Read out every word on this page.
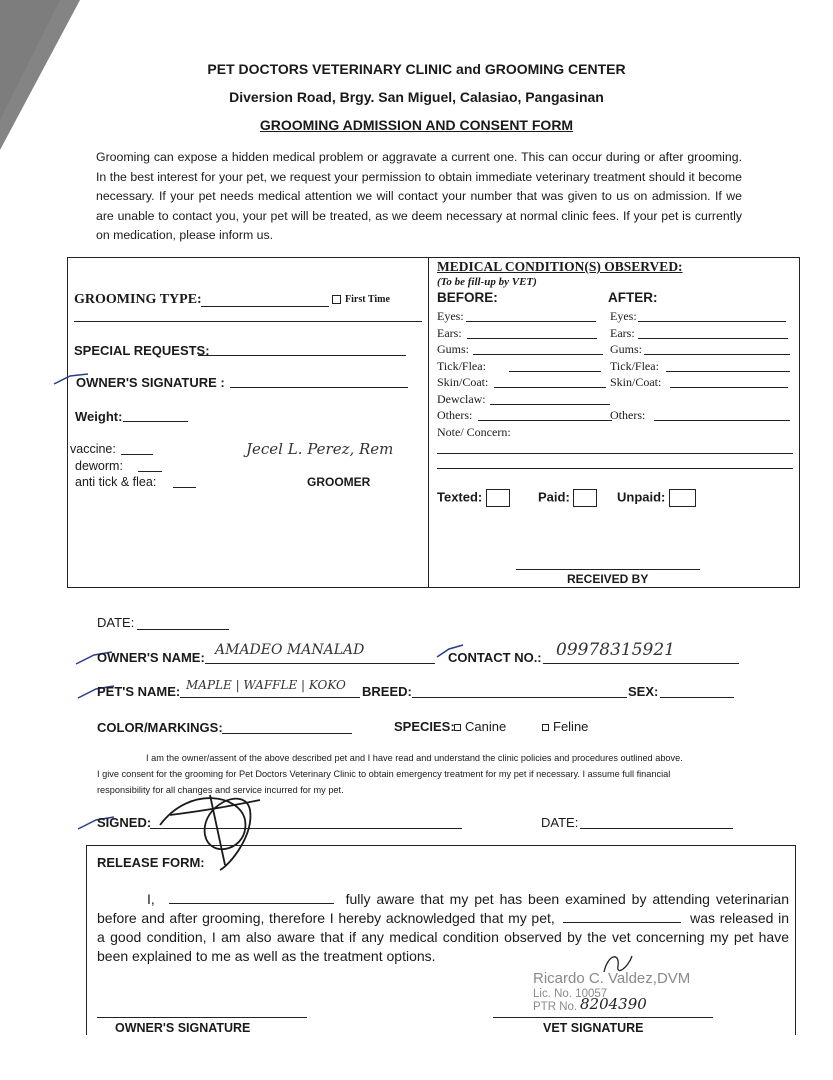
PET DOCTORS VETERINARY CLINIC and GROOMING CENTER
Diversion Road, Brgy. San Miguel, Calasiao, Pangasinan
GROOMING ADMISSION AND CONSENT FORM
Grooming can expose a hidden medical problem or aggravate a current one. This can occur during or after grooming. In the best interest for your pet, we request your permission to obtain immediate veterinary treatment should it become necessary. If your pet needs medical attention we will contact your number that was given to us on admission. If we are unable to contact you, your pet will be treated, as we deem necessary at normal clinic fees. If your pet is currently on medication, please inform us.
GROOMING TYPE:	First Time
SPECIAL REQUESTS:
OWNER'S SIGNATURE :
Weight:
vaccine:
deworm:
anti tick & flea:
Jecel L. Perez, Rem
GROOMER
MEDICAL CONDITION(S) OBSERVED:
(To be fill-up by VET)
BEFORE:	AFTER:
Eyes:	Eyes:
Ears:	Ears:
Gums:	Gums:
Tick/Flea:	Tick/Flea:
Skin/Coat:	Skin/Coat:
Dewclaw:
Others:	Others:
Note/ Concern:
Texted:	Paid:	Unpaid:
RECEIVED BY
DATE:
OWNER'S NAME: AMADEO MANALAD	CONTACT NO.: 09978315921
PET'S NAME: MAPLE | WAFFLE | KOKO BREED:	SEX:
COLOR/MARKINGS:	SPECIES: Canine	Feline
I am the owner/assent of the above described pet and I have read and understand the clinic policies and procedures outlined above.
I give consent for the grooming for Pet Doctors Veterinary Clinic to obtain emergency treatment for my pet if necessary. I assume full financial
responsibility for all changes and service incurred for my pet.
SIGNED:	DATE:
RELEASE FORM:
I,	fully aware that my pet has been examined by attending veterinarian before and after grooming, therefore I hereby acknowledged that my pet,	was released in a good condition, I am also aware that if any medical condition observed by the vet concerning my pet have been explained to me as well as the treatment options.
Ricardo C. Valdez,DVM
Lic. No. 10057
PTR No. 8204390
OWNER'S SIGNATURE	VET SIGNATURE
